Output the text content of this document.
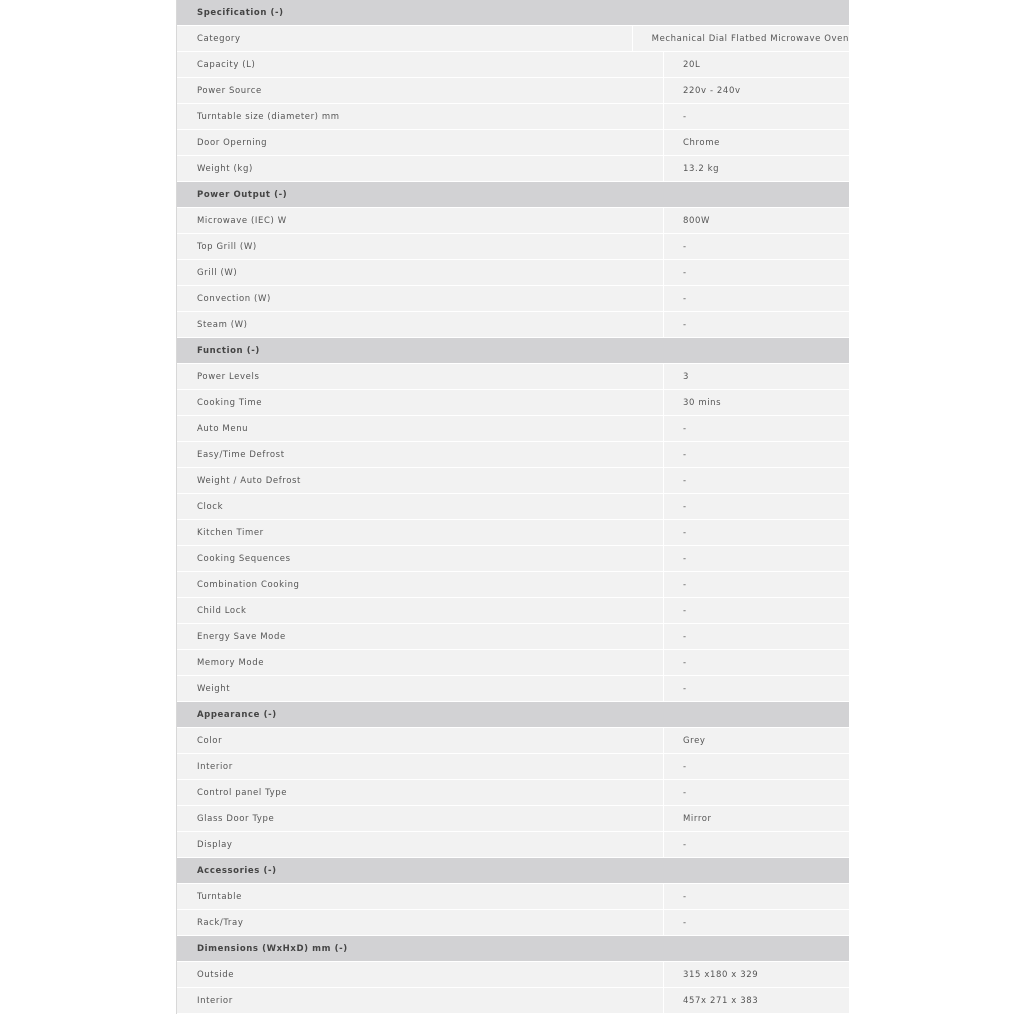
Specification (-)
Category	Mechanical Dial Flatbed Microwave Oven
Capacity (L)	20L
Power Source	220v - 240v
Turntable size (diameter) mm	-
Door Operning	Chrome
Weight (kg)	13.2 kg
Power Output (-)
Microwave (IEC) W	800W
Top Grill (W)	-
Grill (W)	-
Convection (W)	-
Steam (W)	-
Function (-)
Power Levels	3
Cooking Time	30 mins
Auto Menu	-
Easy/Time Defrost	-
Weight / Auto Defrost	-
Clock	-
Kitchen Timer	-
Cooking Sequences	-
Combination Cooking	-
Child Lock	-
Energy Save Mode	-
Memory Mode	-
Weight	-
Appearance (-)
Color	Grey
Interior	-
Control panel Type	-
Glass Door Type	Mirror
Display	-
Accessories (-)
Turntable	-
Rack/Tray	-
Dimensions (WxHxD) mm (-)
Outside	315 x180 x 329
Interior	457x 271 x 383
